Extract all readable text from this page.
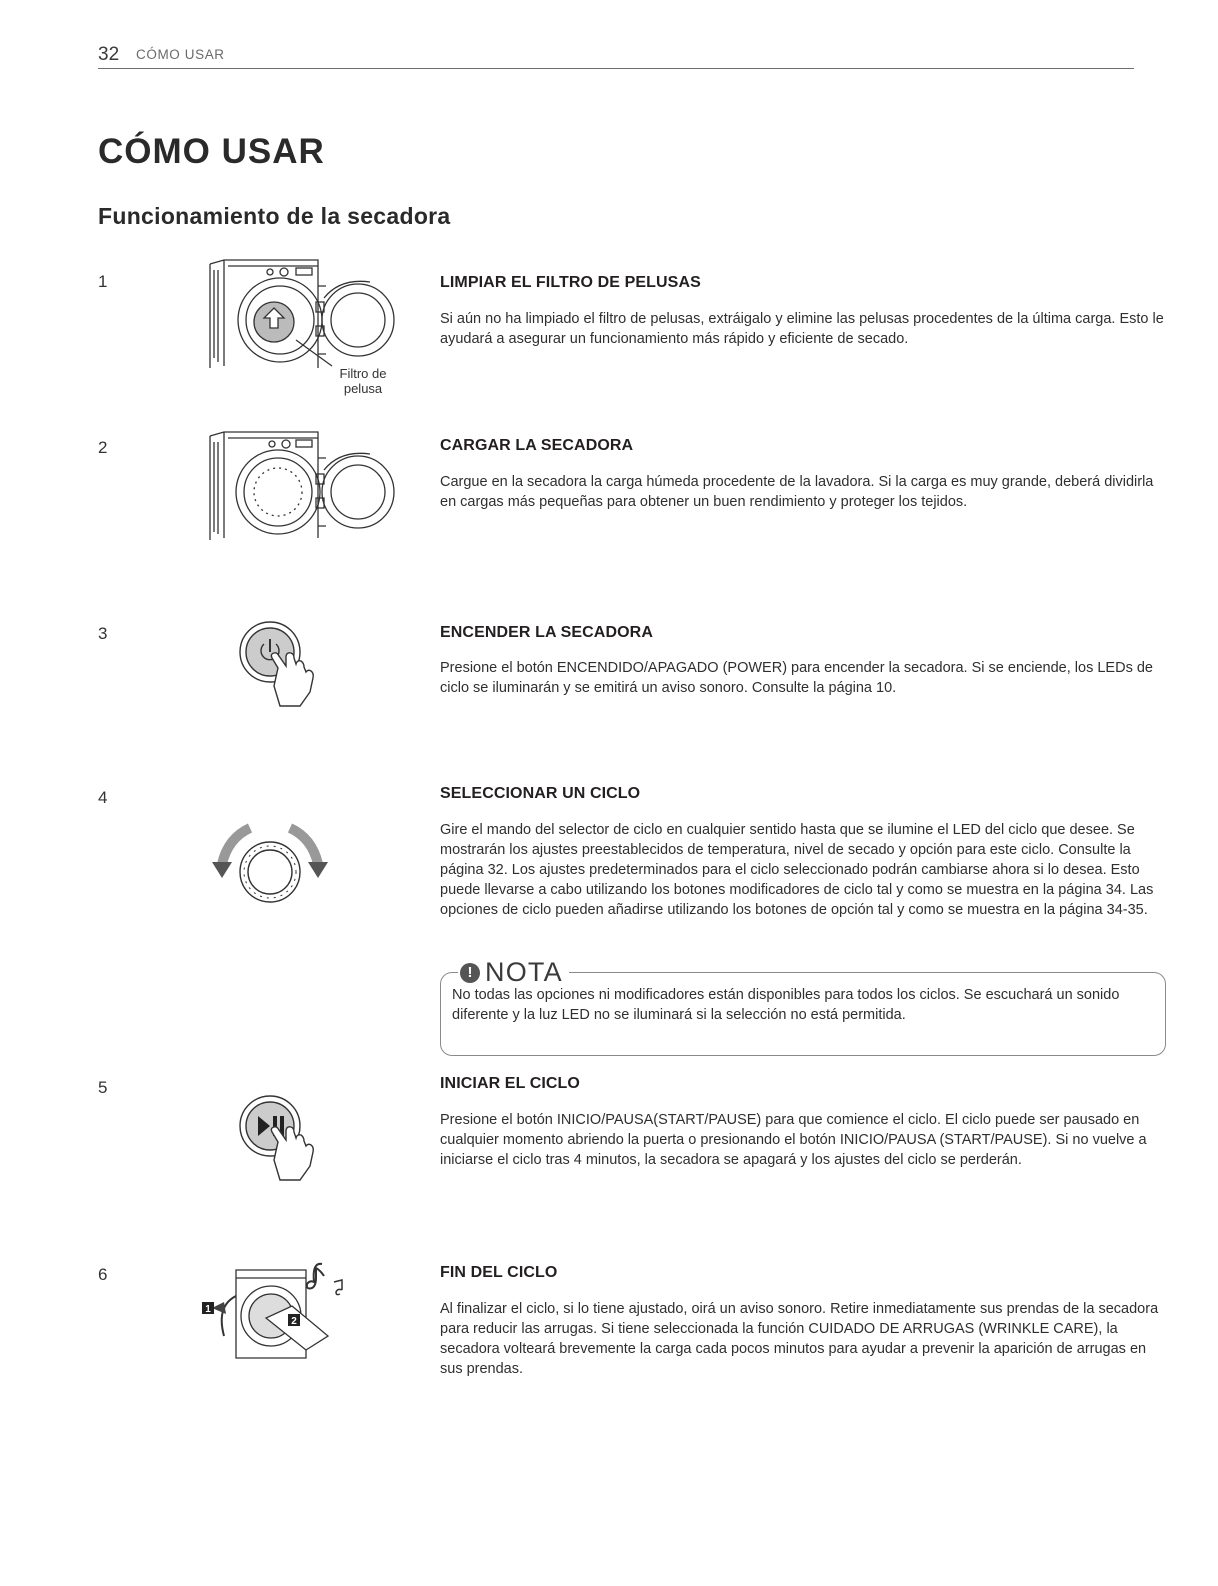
32 CÓMO USAR
CÓMO USAR
Funcionamiento de la secadora
1
Filtro de
pelusa
LIMPIAR EL FILTRO DE PELUSAS

Si aún no ha limpiado el filtro de pelusas, extráigalo y elimine las pelusas procedentes de la última carga. Esto le ayudará a asegurar un funcionamiento más rápido y eficiente de secado.

2	CARGAR LA SECADORA

Cargue en la secadora la carga húmeda procedente de la lavadora. Si la carga es muy grande, deberá dividirla en cargas más pequeñas para obtener un buen rendimiento y proteger los tejidos.

3	ENCENDER LA SECADORA

Presione el botón ENCENDIDO/APAGADO (POWER) para encender la secadora. Si se enciende, los LEDs de ciclo se iluminarán y se emitirá un aviso sonoro. Consulte la página 10.

4	SELECCIONAR UN CICLO

Gire el mando del selector de ciclo en cualquier sentido hasta que se ilumine el LED del ciclo que desee. Se mostrarán los ajustes preestablecidos de temperatura, nivel de secado y opción para este ciclo. Consulte la página 32. Los ajustes predeterminados para el ciclo seleccionado podrán cambiarse ahora si lo desea. Esto puede llevarse a cabo utilizando los botones modificadores de ciclo tal y como se muestra en la página 34. Las opciones de ciclo pueden añadirse utilizando los botones de opción tal y como se muestra en la página 34-35.

! NOTA

No todas las opciones ni modificadores están disponibles para todos los ciclos. Se escuchará un sonido diferente y la luz LED no se iluminará si la selección no está permitida.

5	INICIAR EL CICLO

Presione el botón INICIO/PAUSA(START/PAUSE) para que comience el ciclo. El ciclo puede ser pausado en cualquier momento abriendo la puerta o presionando el botón INICIO/PAUSA (START/PAUSE). Si no vuelve a iniciarse el ciclo tras 4 minutos, la secadora se apagará y los ajustes del ciclo se perderán.

6
1
2
FIN DEL CICLO

Al finalizar el ciclo, si lo tiene ajustado, oirá un aviso sonoro. Retire inmediatamente sus prendas de la secadora para reducir las arrugas. Si tiene seleccionada la función CUIDADO DE ARRUGAS (WRINKLE CARE), la secadora volteará brevemente la carga cada pocos minutos para ayudar a prevenir la aparición de arrugas en sus prendas.
